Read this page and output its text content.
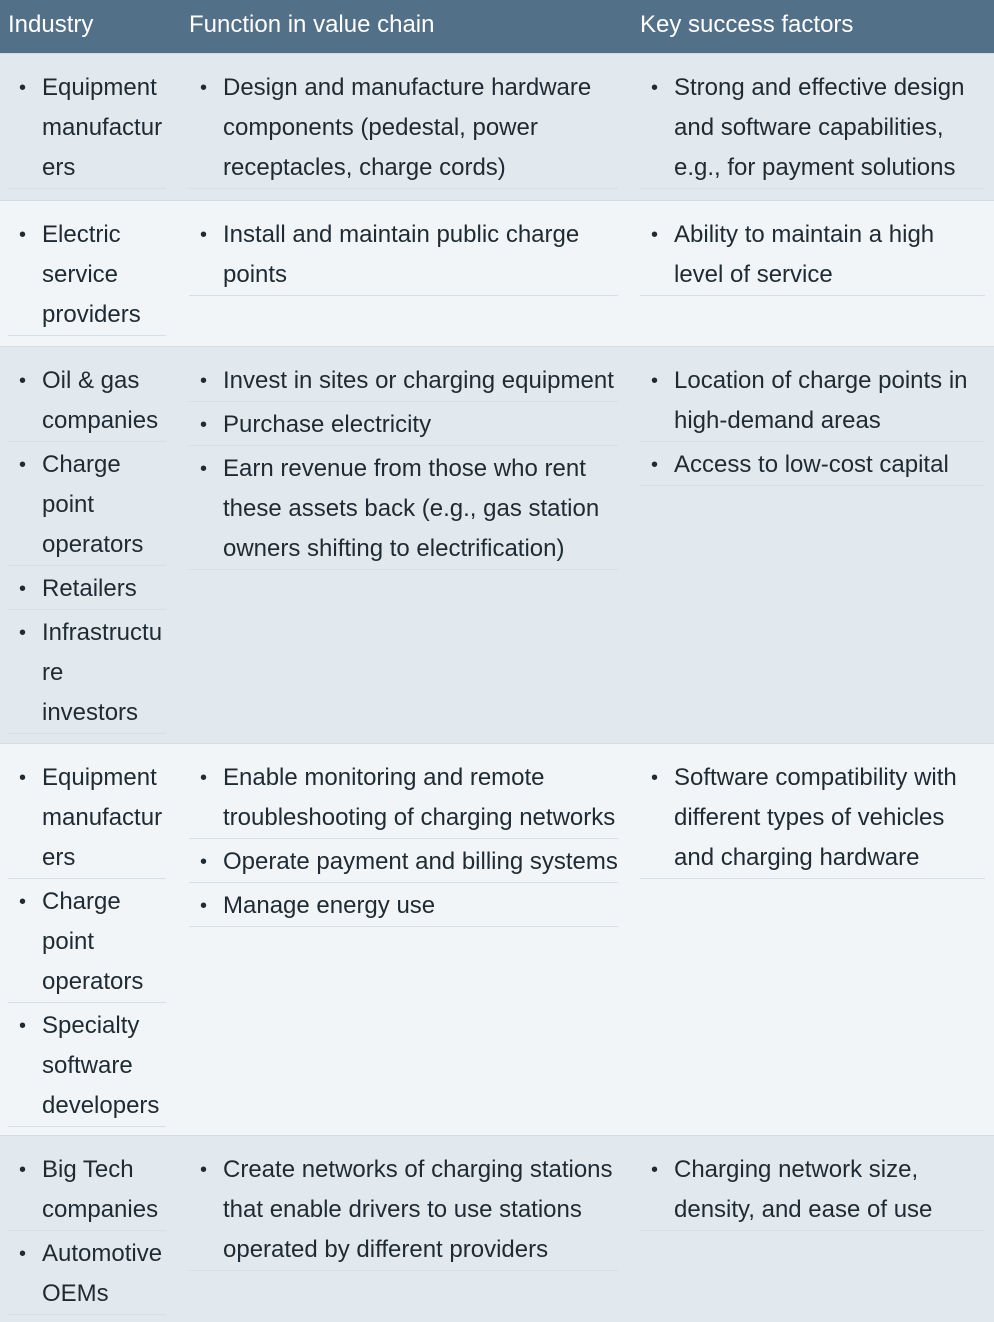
Industry	Function in value chain	Key success factors
• Equipment
manufactur
ers
• Design and manufacture hardware components (pedestal, power receptacles, charge cords)
• Strong and effective design and software capabilities, e.g., for payment solutions
• Electric service providers
• Install and maintain public charge points
• Ability to maintain a high level of service
• Oil & gas companies
• Charge point operators
• Retailers
• Infrastructu
re investors
• Invest in sites or charging equipment
• Purchase electricity
• Earn revenue from those who rent these assets back (e.g., gas station owners shifting to electrification)
• Location of charge points in high-demand areas
• Access to low-cost capital
• Equipment
manufactur
ers
• Charge point operators
• Specialty software developers
• Enable monitoring and remote troubleshooting of charging networks
• Operate payment and billing systems
• Manage energy use
• Software compatibility with different types of vehicles and charging hardware
• Big Tech companies
• Automotive OEMs
• Create networks of charging stations that enable drivers to use stations operated by different providers
• Charging network size, density, and ease of use
